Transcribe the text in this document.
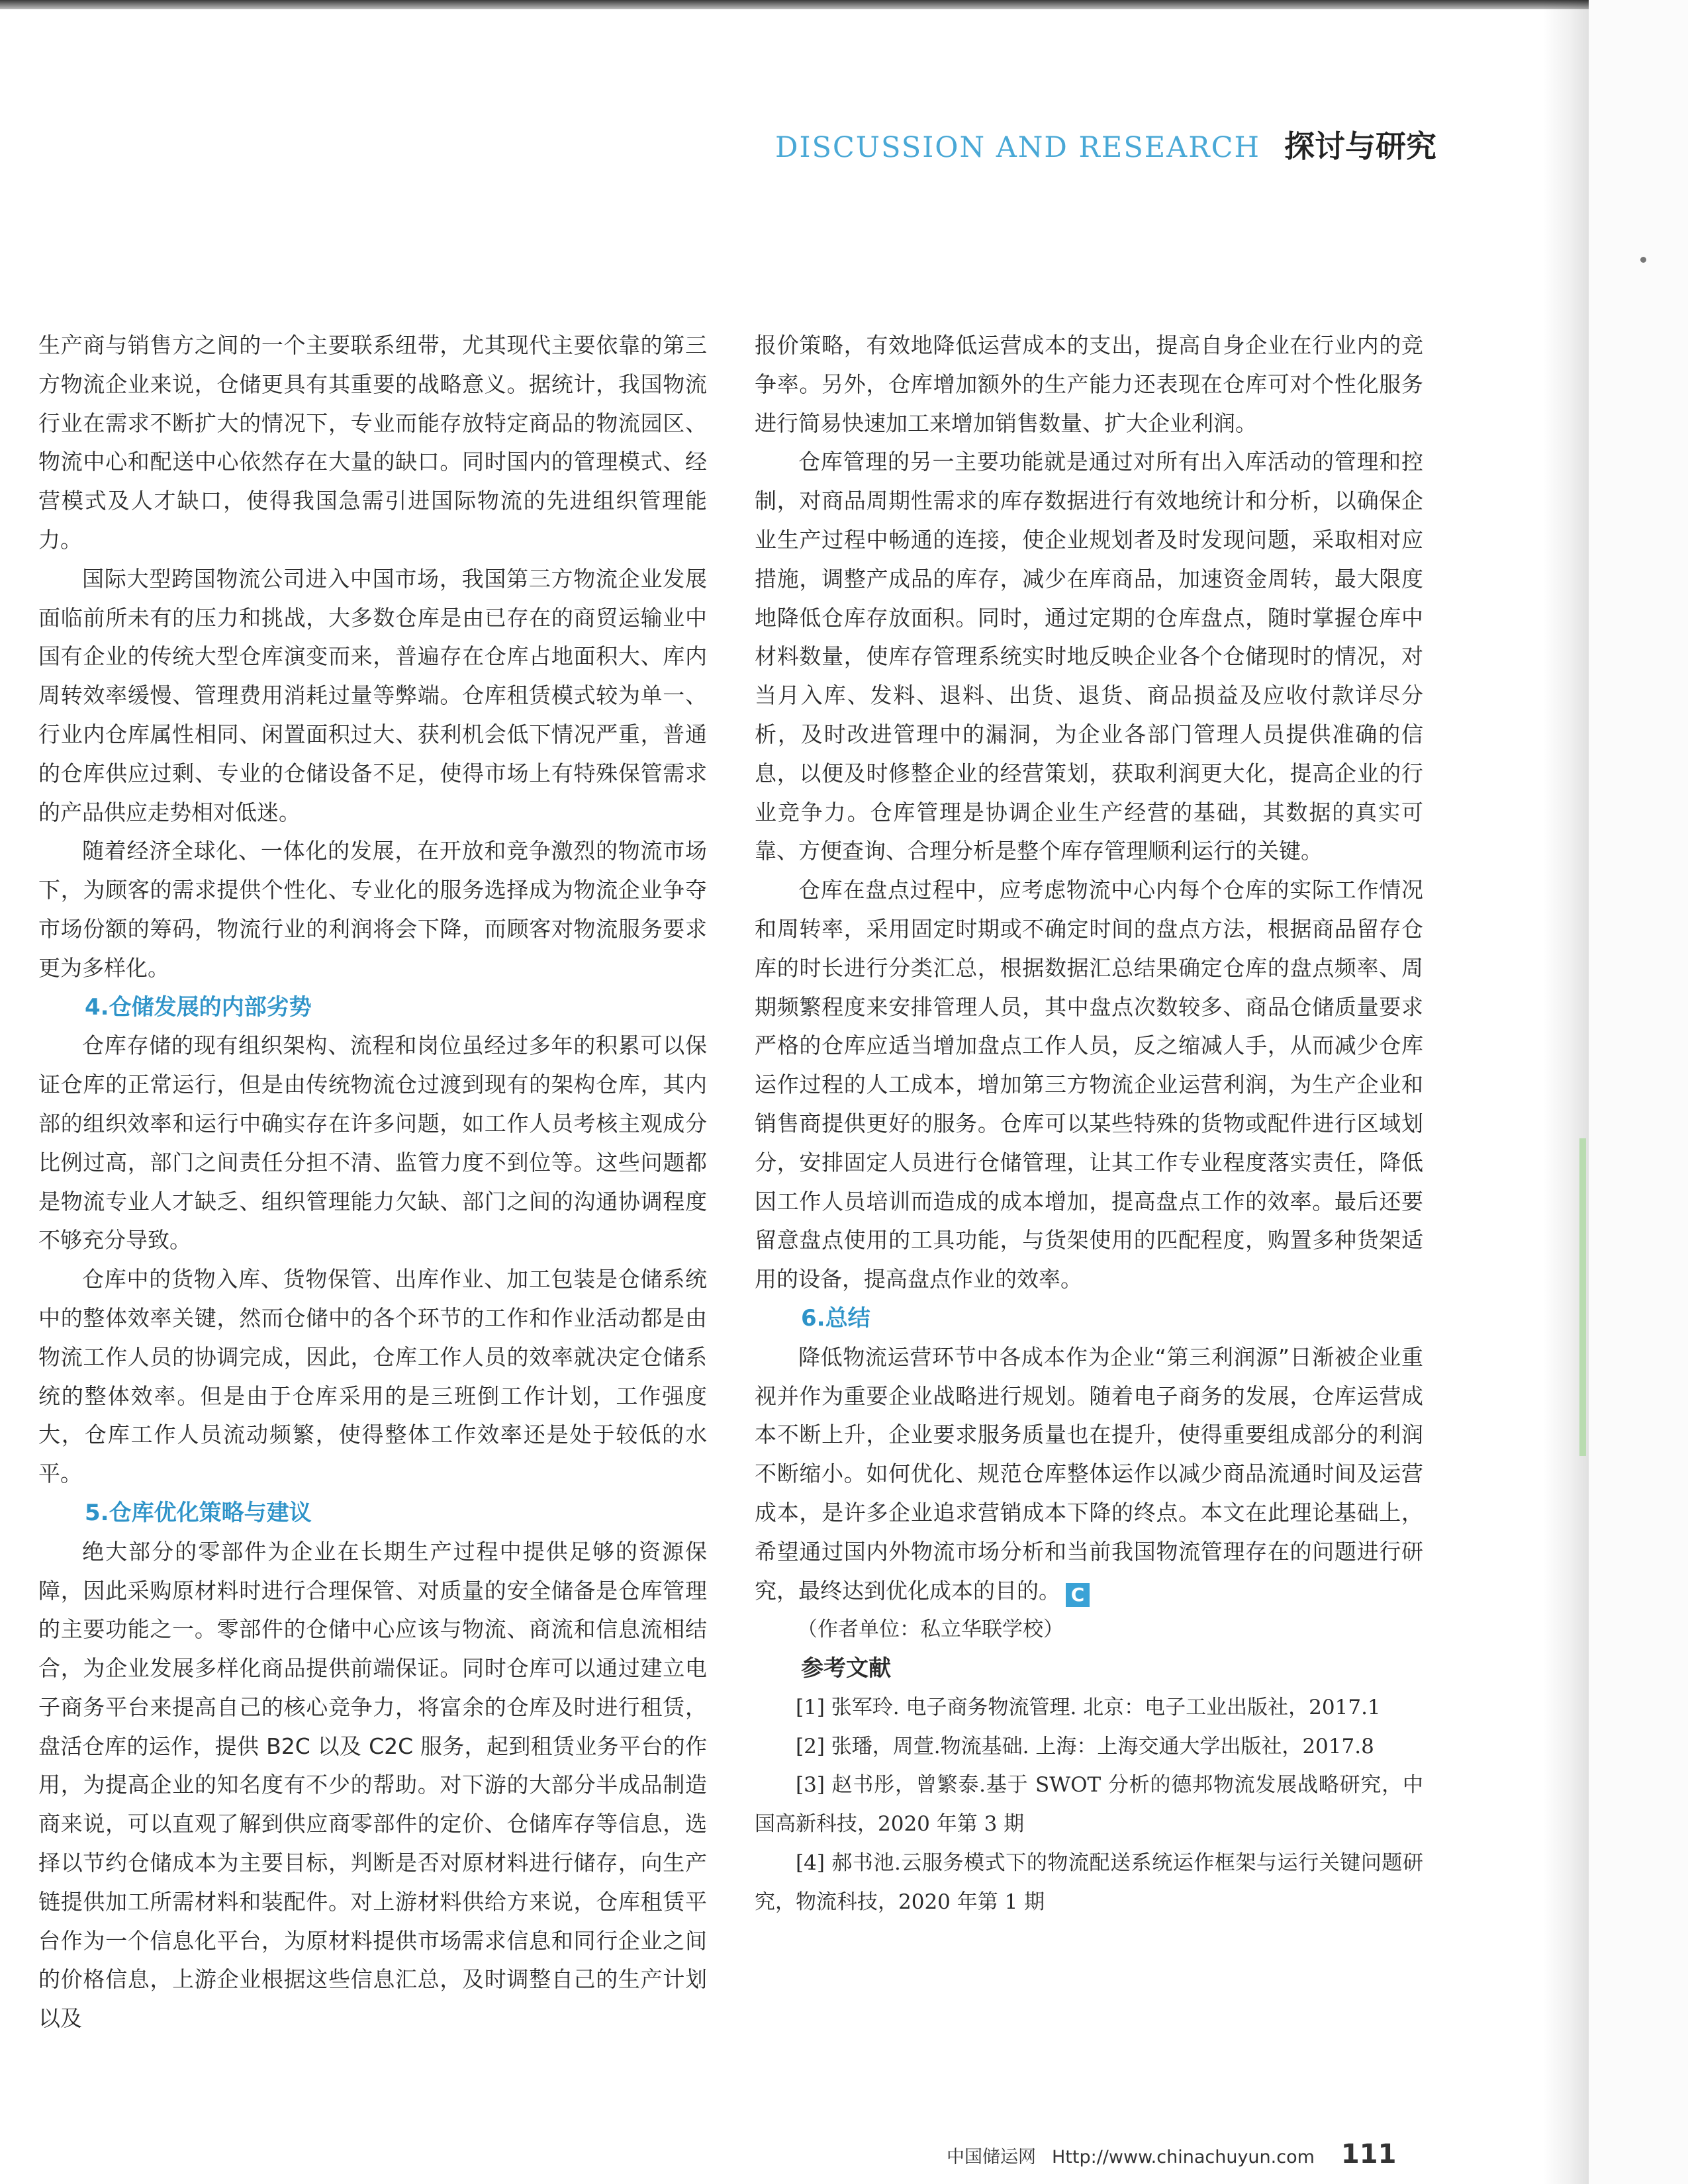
DISCUSSION AND RESEARCH 探讨与研究

生产商与销售方之间的一个主要联系纽带，尤其现代主要依靠的第三方物流企业来说，仓储更具有其重要的战略意义。据统计，我国物流行业在需求不断扩大的情况下，专业而能存放特定商品的物流园区、物流中心和配送中心依然存在大量的缺口。同时国内的管理模式、经营模式及人才缺口，使得我国急需引进国际物流的先进组织管理能力。

国际大型跨国物流公司进入中国市场，我国第三方物流企业发展面临前所未有的压力和挑战，大多数仓库是由已存在的商贸运输业中国有企业的传统大型仓库演变而来，普遍存在仓库占地面积大、库内周转效率缓慢、管理费用消耗过量等弊端。仓库租赁模式较为单一、行业内仓库属性相同、闲置面积过大、获利机会低下情况严重，普通的仓库供应过剩、专业的仓储设备不足，使得市场上有特殊保管需求的产品供应走势相对低迷。

随着经济全球化、一体化的发展，在开放和竞争激烈的物流市场下，为顾客的需求提供个性化、专业化的服务选择成为物流企业争夺市场份额的筹码，物流行业的利润将会下降，而顾客对物流服务要求更为多样化。

4.仓储发展的内部劣势

仓库存储的现有组织架构、流程和岗位虽经过多年的积累可以保证仓库的正常运行，但是由传统物流仓过渡到现有的架构仓库，其内部的组织效率和运行中确实存在许多问题，如工作人员考核主观成分比例过高，部门之间责任分担不清、监管力度不到位等。这些问题都是物流专业人才缺乏、组织管理能力欠缺、部门之间的沟通协调程度不够充分导致。

仓库中的货物入库、货物保管、出库作业、加工包装是仓储系统中的整体效率关键，然而仓储中的各个环节的工作和作业活动都是由物流工作人员的协调完成，因此，仓库工作人员的效率就决定仓储系统的整体效率。但是由于仓库采用的是三班倒工作计划，工作强度大，仓库工作人员流动频繁，使得整体工作效率还是处于较低的水平。

5.仓库优化策略与建议

绝大部分的零部件为企业在长期生产过程中提供足够的资源保障，因此采购原材料时进行合理保管、对质量的安全储备是仓库管理的主要功能之一。零部件的仓储中心应该与物流、商流和信息流相结合，为企业发展多样化商品提供前端保证。同时仓库可以通过建立电子商务平台来提高自己的核心竞争力，将富余的仓库及时进行租赁，盘活仓库的运作，提供 B2C 以及 C2C 服务，起到租赁业务平台的作用，为提高企业的知名度有不少的帮助。对下游的大部分半成品制造商来说，可以直观了解到供应商零部件的定价、仓储库存等信息，选择以节约仓储成本为主要目标，判断是否对原材料进行储存，向生产链提供加工所需材料和装配件。对上游材料供给方来说，仓库租赁平台作为一个信息化平台，为原材料提供市场需求信息和同行企业之间的价格信息，上游企业根据这些信息汇总，及时调整自己的生产计划以及

报价策略，有效地降低运营成本的支出，提高自身企业在行业内的竞争率。另外，仓库增加额外的生产能力还表现在仓库可对个性化服务进行简易快速加工来增加销售数量、扩大企业利润。

仓库管理的另一主要功能就是通过对所有出入库活动的管理和控制，对商品周期性需求的库存数据进行有效地统计和分析，以确保企业生产过程中畅通的连接，使企业规划者及时发现问题，采取相对应措施，调整产成品的库存，减少在库商品，加速资金周转，最大限度地降低仓库存放面积。同时，通过定期的仓库盘点，随时掌握仓库中材料数量，使库存管理系统实时地反映企业各个仓储现时的情况，对当月入库、发料、退料、出货、退货、商品损益及应收付款详尽分析，及时改进管理中的漏洞，为企业各部门管理人员提供准确的信息，以便及时修整企业的经营策划，获取利润更大化，提高企业的行业竞争力。仓库管理是协调企业生产经营的基础，其数据的真实可靠、方便查询、合理分析是整个库存管理顺利运行的关键。

仓库在盘点过程中，应考虑物流中心内每个仓库的实际工作情况和周转率，采用固定时期或不确定时间的盘点方法，根据商品留存仓库的时长进行分类汇总，根据数据汇总结果确定仓库的盘点频率、周期频繁程度来安排管理人员，其中盘点次数较多、商品仓储质量要求严格的仓库应适当增加盘点工作人员，反之缩减人手，从而减少仓库运作过程的人工成本，增加第三方物流企业运营利润，为生产企业和销售商提供更好的服务。仓库可以某些特殊的货物或配件进行区域划分，安排固定人员进行仓储管理，让其工作专业程度落实责任，降低因工作人员培训而造成的成本增加，提高盘点工作的效率。最后还要留意盘点使用的工具功能，与货架使用的匹配程度，购置多种货架适用的设备，提高盘点作业的效率。

6.总结

降低物流运营环节中各成本作为企业“第三利润源”日渐被企业重视并作为重要企业战略进行规划。随着电子商务的发展，仓库运营成本不断上升，企业要求服务质量也在提升，使得重要组成部分的利润不断缩小。如何优化、规范仓库整体运作以减少商品流通时间及运营成本，是许多企业追求营销成本下降的终点。本文在此理论基础上，希望通过国内外物流市场分析和当前我国物流管理存在的问题进行研究，最终达到优化成本的目的。 C

（作者单位：私立华联学校）
参考文献

[1] 张军玲. 电子商务物流管理. 北京：电子工业出版社，2017.1

[2] 张璠，周萱.物流基础. 上海：上海交通大学出版社，2017.8

[3] 赵书彤，曾繁泰.基于 SWOT 分析的德邦物流发展战略研究，中国高新科技，2020 年第 3 期

[4] 郝书池.云服务模式下的物流配送系统运作框架与运行关键问题研究，物流科技，2020 年第 1 期

中国储运网 Http://www.chinachuyun.com 111
